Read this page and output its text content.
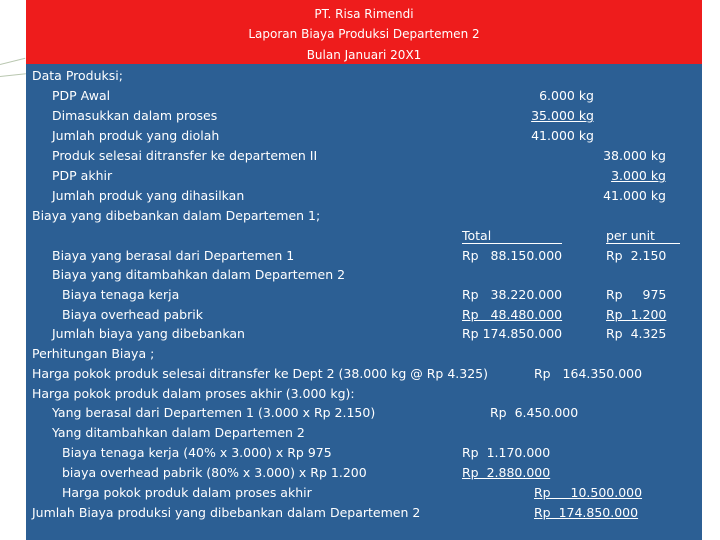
PT. Risa Rimendi
Laporan Biaya Produksi Departemen 2
Bulan Januari 20X1
Data Produksi;
PDP Awal	6.000 kg
Dimasukkan dalam proses	35.000 kg
Jumlah produk yang diolah	41.000 kg
Produk selesai ditransfer ke departemen II	38.000 kg
PDP akhir	3.000 kg
Jumlah produk yang dihasilkan	41.000 kg
Biaya yang dibebankan dalam Departemen 1;
Total	per unit
Biaya yang berasal dari Departemen 1	Rp   88.150.000	Rp  2.150
Biaya yang ditambahkan dalam Departemen 2
Biaya tenaga kerja	Rp   38.220.000	Rp     975
Biaya overhead pabrik	Rp   48.480.000	Rp  1.200
Jumlah biaya yang dibebankan	Rp 174.850.000	Rp  4.325
Perhitungan Biaya ;
Harga pokok produk selesai ditransfer ke Dept 2 (38.000 kg @ Rp 4.325)	Rp   164.350.000
Harga pokok produk dalam proses akhir (3.000 kg):
Yang berasal dari Departemen 1 (3.000 x Rp 2.150)	Rp  6.450.000
Yang ditambahkan dalam Departemen 2
Biaya tenaga kerja (40% x 3.000) x Rp 975	Rp  1.170.000
biaya overhead pabrik (80% x 3.000) x Rp 1.200	Rp  2.880.000
Harga pokok produk dalam proses akhir	Rp     10.500.000
Jumlah Biaya produksi yang dibebankan dalam Departemen 2	Rp  174.850.000
